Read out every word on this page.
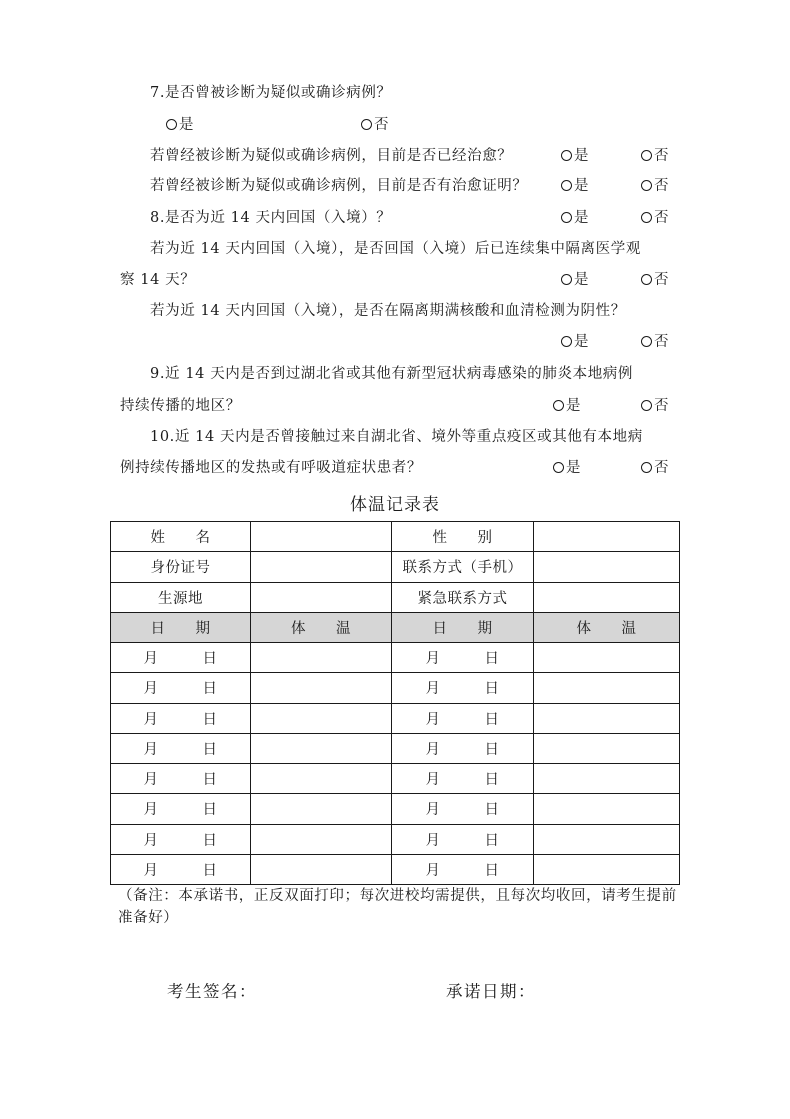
7.是否曾被诊断为疑似或确诊病例？
是	否
若曾经被诊断为疑似或确诊病例，目前是否已经治愈？	是	否
若曾经被诊断为疑似或确诊病例，目前是否有治愈证明？	是	否
8.是否为近 14 天内回国（入境）？	是	否
若为近 14 天内回国（入境），是否回国（入境）后已连续集中隔离医学观
察 14 天？	是	否
若为近 14 天内回国（入境），是否在隔离期满核酸和血清检测为阴性？
是	否
9.近 14 天内是否到过湖北省或其他有新型冠状病毒感染的肺炎本地病例
持续传播的地区？	是	否
10.近 14 天内是否曾接触过来自湖北省、境外等重点疫区或其他有本地病
例持续传播地区的发热或有呼吸道症状患者？	是	否
体温记录表
姓　　名		性　　别	
身份证号		联系方式（手机）	
生源地		紧急联系方式	
日　　期	体　　温	日　　期	体　　温
月 日		月 日	
月 日		月 日	
月 日		月 日	
月 日		月 日	
月 日		月 日	
月 日		月 日	
月 日		月 日	
月 日		月 日	
（备注：本承诺书，正反双面打印；每次进校均需提供，且每次均收回，请考生提前准备好）
考生签名：	承诺日期：
